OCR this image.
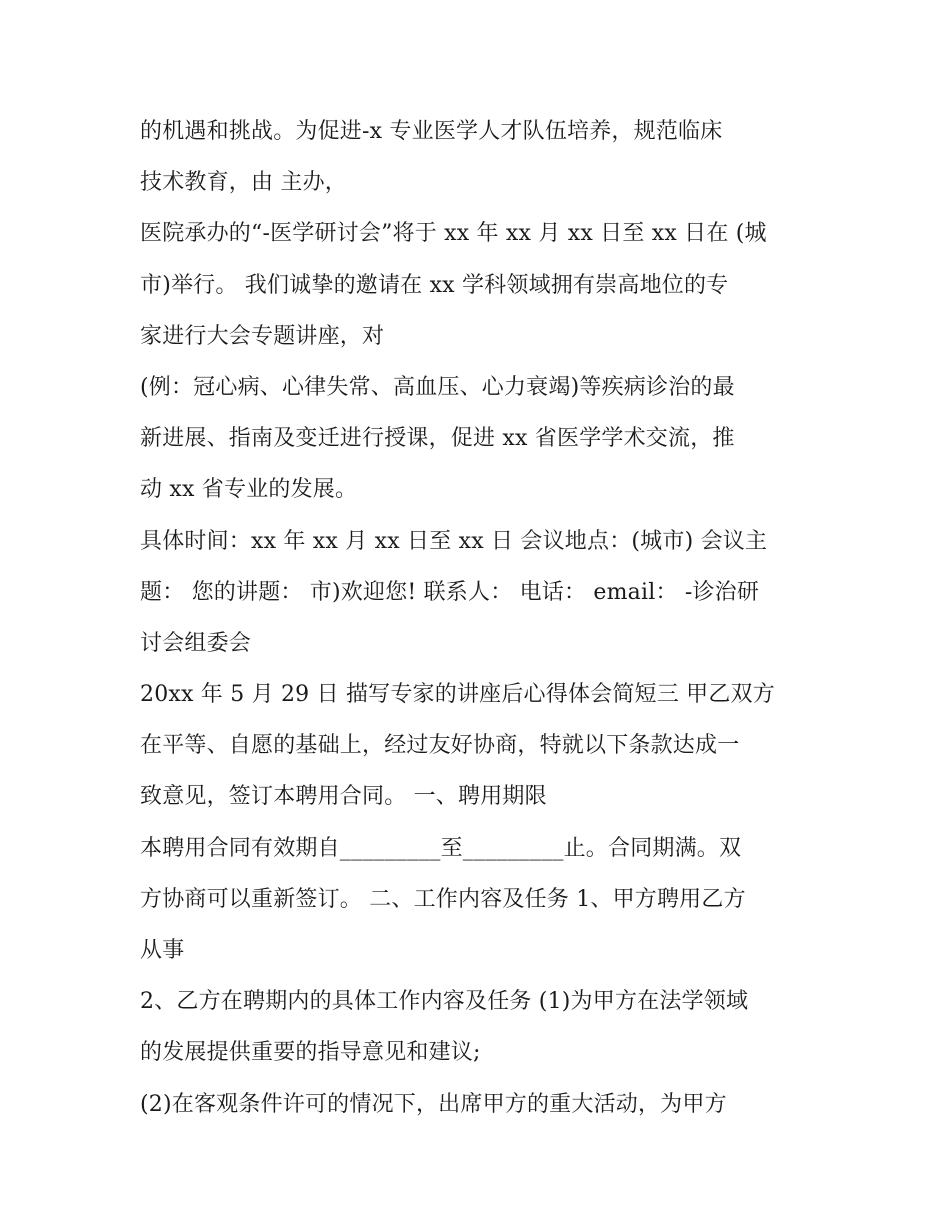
的机遇和挑战。为促进-x 专业医学人才队伍培养，规范临床
技术教育，由 主办，
医院承办的“-医学研讨会”将于 xx 年 xx 月 xx 日至 xx 日在 (城
市)举行。 我们诚挚的邀请在 xx 学科领域拥有崇高地位的专
家进行大会专题讲座，对
(例：冠心病、心律失常、高血压、心力衰竭)等疾病诊治的最
新进展、指南及变迁进行授课，促进 xx 省医学学术交流，推
动 xx 省专业的发展。
具体时间：xx 年 xx 月 xx 日至 xx 日 会议地点：(城市) 会议主
题： 您的讲题： 市)欢迎您! 联系人： 电话： email： -诊治研
讨会组委会
20xx 年 5 月 29 日 描写专家的讲座后心得体会简短三 甲乙双方
在平等、自愿的基础上，经过友好协商，特就以下条款达成一
致意见，签订本聘用合同。 一、聘用期限
本聘用合同有效期自_________至_________止。合同期满。双
方协商可以重新签订。 二、工作内容及任务 1、甲方聘用乙方
从事
2、乙方在聘期内的具体工作内容及任务 (1)为甲方在法学领域
的发展提供重要的指导意见和建议;
(2)在客观条件许可的情况下，出席甲方的重大活动，为甲方
